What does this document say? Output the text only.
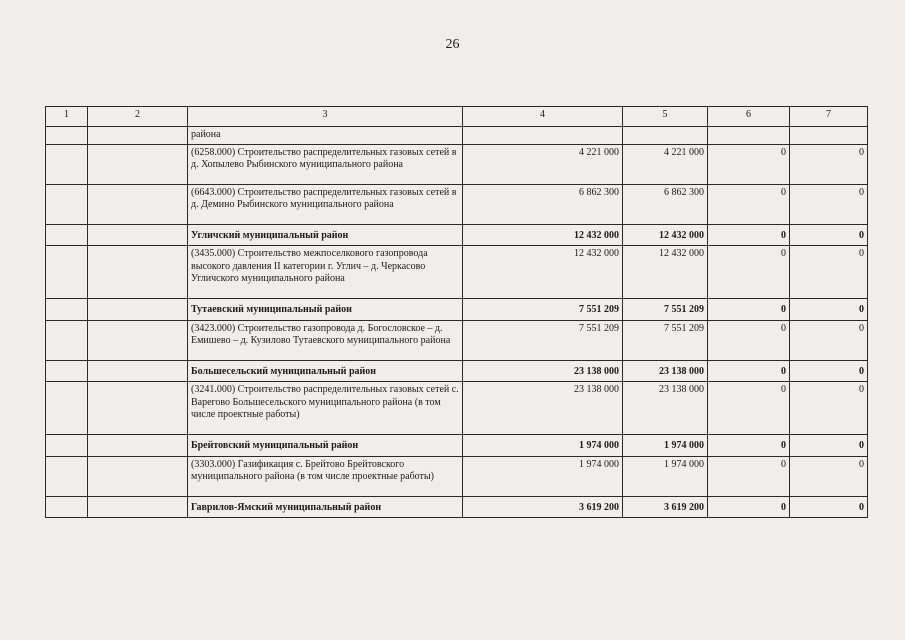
26
1	2	3	4	5	6	7
		района				
		(6258.000) Строительство распределительных газовых сетей в д. Хопылево Рыбинского муниципального района	4 221 000	4 221 000	0	0
		(6643.000) Строительство распределительных газовых сетей в д. Демино Рыбинского муниципального района	6 862 300	6 862 300	0	0
		Угличский муниципальный район	12 432 000	12 432 000	0	0
		(3435.000) Строительство межпоселкового газопровода высокого давления II категории г. Углич – д. Черкасово Угличского муниципального района	12 432 000	12 432 000	0	0
		Тутаевский муниципальный район	7 551 209	7 551 209	0	0
		(3423.000) Строительство газопровода д. Богословское – д. Емишево – д. Кузилово Тутаевского муниципального района	7 551 209	7 551 209	0	0
		Большесельский муниципальный район	23 138 000	23 138 000	0	0
		(3241.000) Строительство распределительных газовых сетей с. Варегово Большесельского муниципального района (в том числе проектные работы)	23 138 000	23 138 000	0	0
		Брейтовский муниципальный район	1 974 000	1 974 000	0	0
		(3303.000) Газификация с. Брейтово Брейтовского муниципального района (в том числе проектные работы)	1 974 000	1 974 000	0	0
		Гаврилов-Ямский муниципальный район	3 619 200	3 619 200	0	0
